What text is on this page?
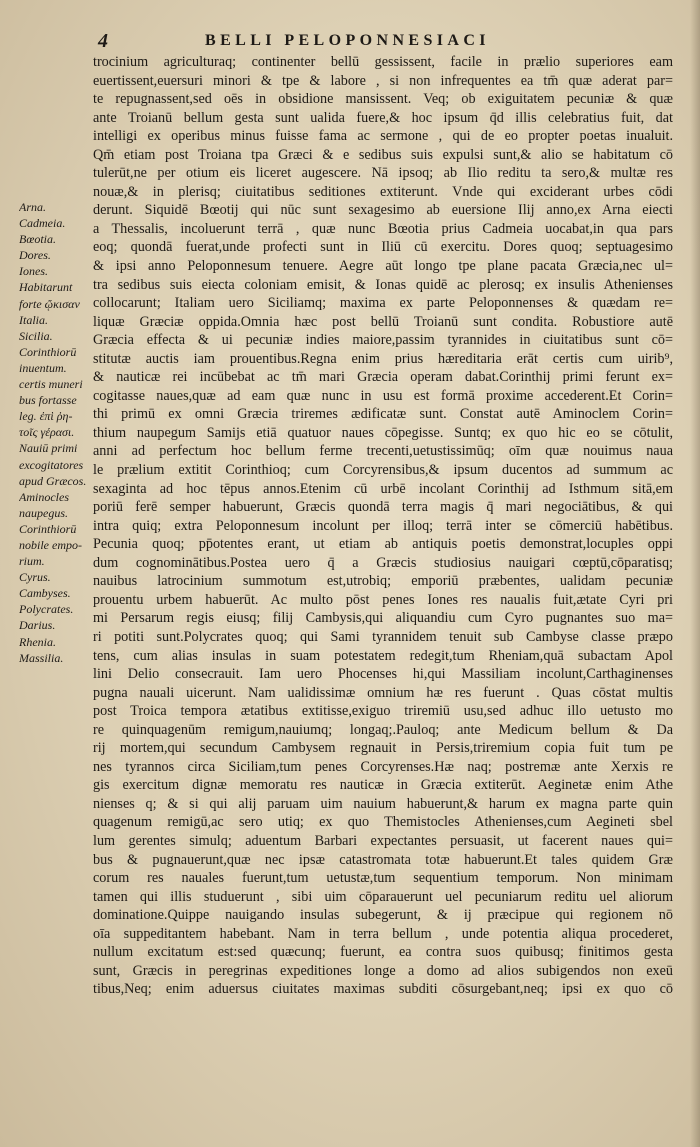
4	BELLI PELOPONNESIACI
Arna.
Cadmeia.
Bœotia.
Dores.
Iones.
Habitarunt
forte ᾤκισαν
Italia.
Sicilia.
Corinthiorū
inuentum.
certis muneri
bus fortasse
leg. ἐπὶ ῥη-
τοῖς γέρασι.
Nauiū primi
excogitatores
apud Græcos.
Aminocles
naupegus.
Corinthiorū
nobile empo-
rium.
Cyrus.
Cambyses.
Polycrates.
Darius.
Rhenia.
Massilia.
trocinium agriculturaq; continenter bellū gessissent, facile in prælio superiores eam
euertissent,euersuri minori & tpe & labore , si non infrequentes ea tm̄ quæ aderat par=
te repugnassent,sed oēs in obsidione mansissent. Veq; ob exiguitatem pecuniæ & quæ
ante Troianū bellum gesta sunt ualida fuere,& hoc ipsum q̄d illis celebratius fuit, dat
intelligi ex operibus minus fuisse fama ac sermone , qui de eo propter poetas inualuit.
Qm̄ etiam post Troiana tpa Græci & e sedibus suis expulsi sunt,& alio se habitatum cō
tulerūt,ne per otium eis liceret augescere. Nā ipsoq; ab Ilio reditu ta sero,& multæ res
nouæ,& in plerisq; ciuitatibus seditiones extiterunt. Vnde qui exciderant urbes cōdi
derunt. Siquidē Bœotij qui nūc sunt sexagesimo ab euersione Ilij anno,ex Arna eiecti
a Thessalis, incoluerunt terrā , quæ nunc Bœotia prius Cadmeia uocabat,in qua pars
eoq; quondā fuerat,unde profecti sunt in Iliū cū exercitu. Dores quoq; septuagesimo
& ipsi anno Peloponnesum tenuere. Aegre aūt longo tpe plane pacata Græcia,nec ul=
tra sedibus suis eiecta coloniam emisit, & Ionas quidē ac plerosq; ex insulis Athenienses
collocarunt; Italiam uero Siciliamq; maxima ex parte Peloponnenses & quædam re=
liquæ Græciæ oppida.Omnia hæc post bellū Troianū sunt condita. Robustiore autē
Græcia effecta & ui pecuniæ indies maiore,passim tyrannides in ciuitatibus sunt cō=
stitutæ auctis iam prouentibus.Regna enim prius hæreditaria erāt certis cum uirib⁹,
& nauticæ rei incūbebat ac tm̄ mari Græcia operam dabat.Corinthij primi ferunt ex=
cogitasse naues,quæ ad eam quæ nunc in usu est formā proxime accederent.Et Corin=
thi primū ex omni Græcia triremes ædificatæ sunt. Constat autē Aminoclem Corin=
thium naupegum Samijs etiā quatuor naues cōpegisse. Suntq; ex quo hic eo se cōtulit,
anni ad perfectum hoc bellum ferme trecenti,uetustissimūq; oīm quæ nouimus naua
le prælium extitit Corinthioq; cum Corcyrensibus,& ipsum ducentos ad summum ac
sexaginta ad hoc tēpus annos.Etenim cū urbē incolant Corinthij ad Isthmum sitā,em
poriū ferē semper habuerunt, Græcis quondā terra magis q̄ mari negociātibus, & qui
intra quiq; extra Peloponnesum incolunt per illoq; terrā inter se cōmerciū habētibus.
Pecunia quoq; pp̄otentes erant, ut etiam ab antiquis poetis demonstrat,locuples oppi
dum cognominātibus.Postea uero q̄ a Græcis studiosius nauigari cœptū,cōparatisq;
nauibus latrocinium summotum est,utrobiq; emporiū præbentes, ualidam pecuniæ
prouentu urbem habuerūt. Ac multo pōst penes Iones res naualis fuit,ætate Cyri pri
mi Persarum regis eiusq; filij Cambysis,qui aliquandiu cum Cyro pugnantes suo ma=
ri potiti sunt.Polycrates quoq; qui Sami tyrannidem tenuit sub Cambyse classe præpo
tens, cum alias insulas in suam potestatem redegit,tum Rheniam,quā subactam Apol
lini Delio consecrauit. Iam uero Phocenses hi,qui Massiliam incolunt,Carthaginenses
pugna nauali uicerunt. Nam ualidissimæ omnium hæ res fuerunt . Quas cōstat multis
post Troica tempora ætatibus extitisse,exiguo triremiū usu,sed adhuc illo uetusto mo
re quinquagenūm remigum,nauiumq; longaq;.Pauloq; ante Medicum bellum & Da
rij mortem,qui secundum Cambysem regnauit in Persis,triremium copia fuit tum pe
nes tyrannos circa Siciliam,tum penes Corcyrenses.Hæ naq; postremæ ante Xerxis re
gis exercitum dignæ memoratu res nauticæ in Græcia extiterūt. Aeginetæ enim Athe
nienses q; & si qui alij paruam uim nauium habuerunt,& harum ex magna parte quin
quagenum remigū,ac sero utiq; ex quo Themistocles Athenienses,cum Aegineti sbel
lum gerentes simulq; aduentum Barbari expectantes persuasit, ut facerent naues qui=
bus & pugnauerunt,quæ nec ipsæ catastromata totæ habuerunt.Et tales quidem Græ
corum res nauales fuerunt,tum uetustæ,tum sequentium temporum. Non minimam
tamen qui illis studuerunt , sibi uim cōparauerunt uel pecuniarum reditu uel aliorum
dominatione.Quippe nauigando insulas subegerunt, & ij præcipue qui regionem nō
oīa suppeditantem habebant. Nam in terra bellum , unde potentia aliqua procederet,
nullum excitatum est:sed quæcunq; fuerunt, ea contra suos quibusq; finitimos gesta
sunt, Græcis in peregrinas expeditiones longe a domo ad alios subigendos non exeū
tibus,Neq; enim aduersus ciuitates maximas subditi cōsurgebant,neq; ipsi ex quo cō
